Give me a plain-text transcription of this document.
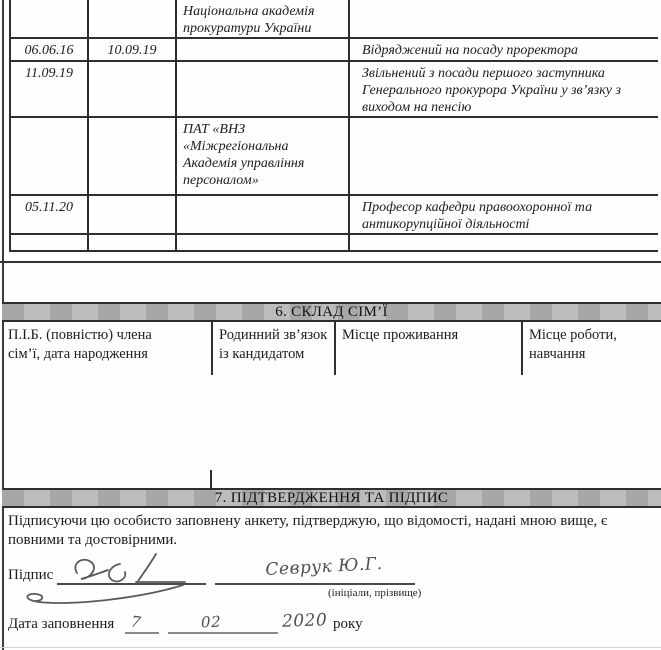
		Національна академія прокуратури України	
06.06.16	10.09.19		Відряджений на посаду проректора
11.09.19			Звільнений з посади першого заступника Генерального прокурора України у зв’язку з виходом на пенсію
		ПАТ «ВНЗ «Міжрегіональна Академія управління персоналом»	
05.11.20			Професор кафедри правоохоронної та антикорупційної діяльності

6. СКЛАД СІМ’Ї
П.І.Б. (повністю) члена сім’ї, дата народження	Родинний зв’язок із кандидатом	Місце проживання	Місце роботи, навчання
7. ПІДТВЕРДЖЕННЯ ТА ПІДПИС

Підписуючи цю особисто заповнену анкету, підтверджую, що відомості, надані мною вище, є повними та достовірними.

Підпис	Севрук Ю.Г.
(ініціали, прізвище)
Дата заповнення 7	02	2020 року
